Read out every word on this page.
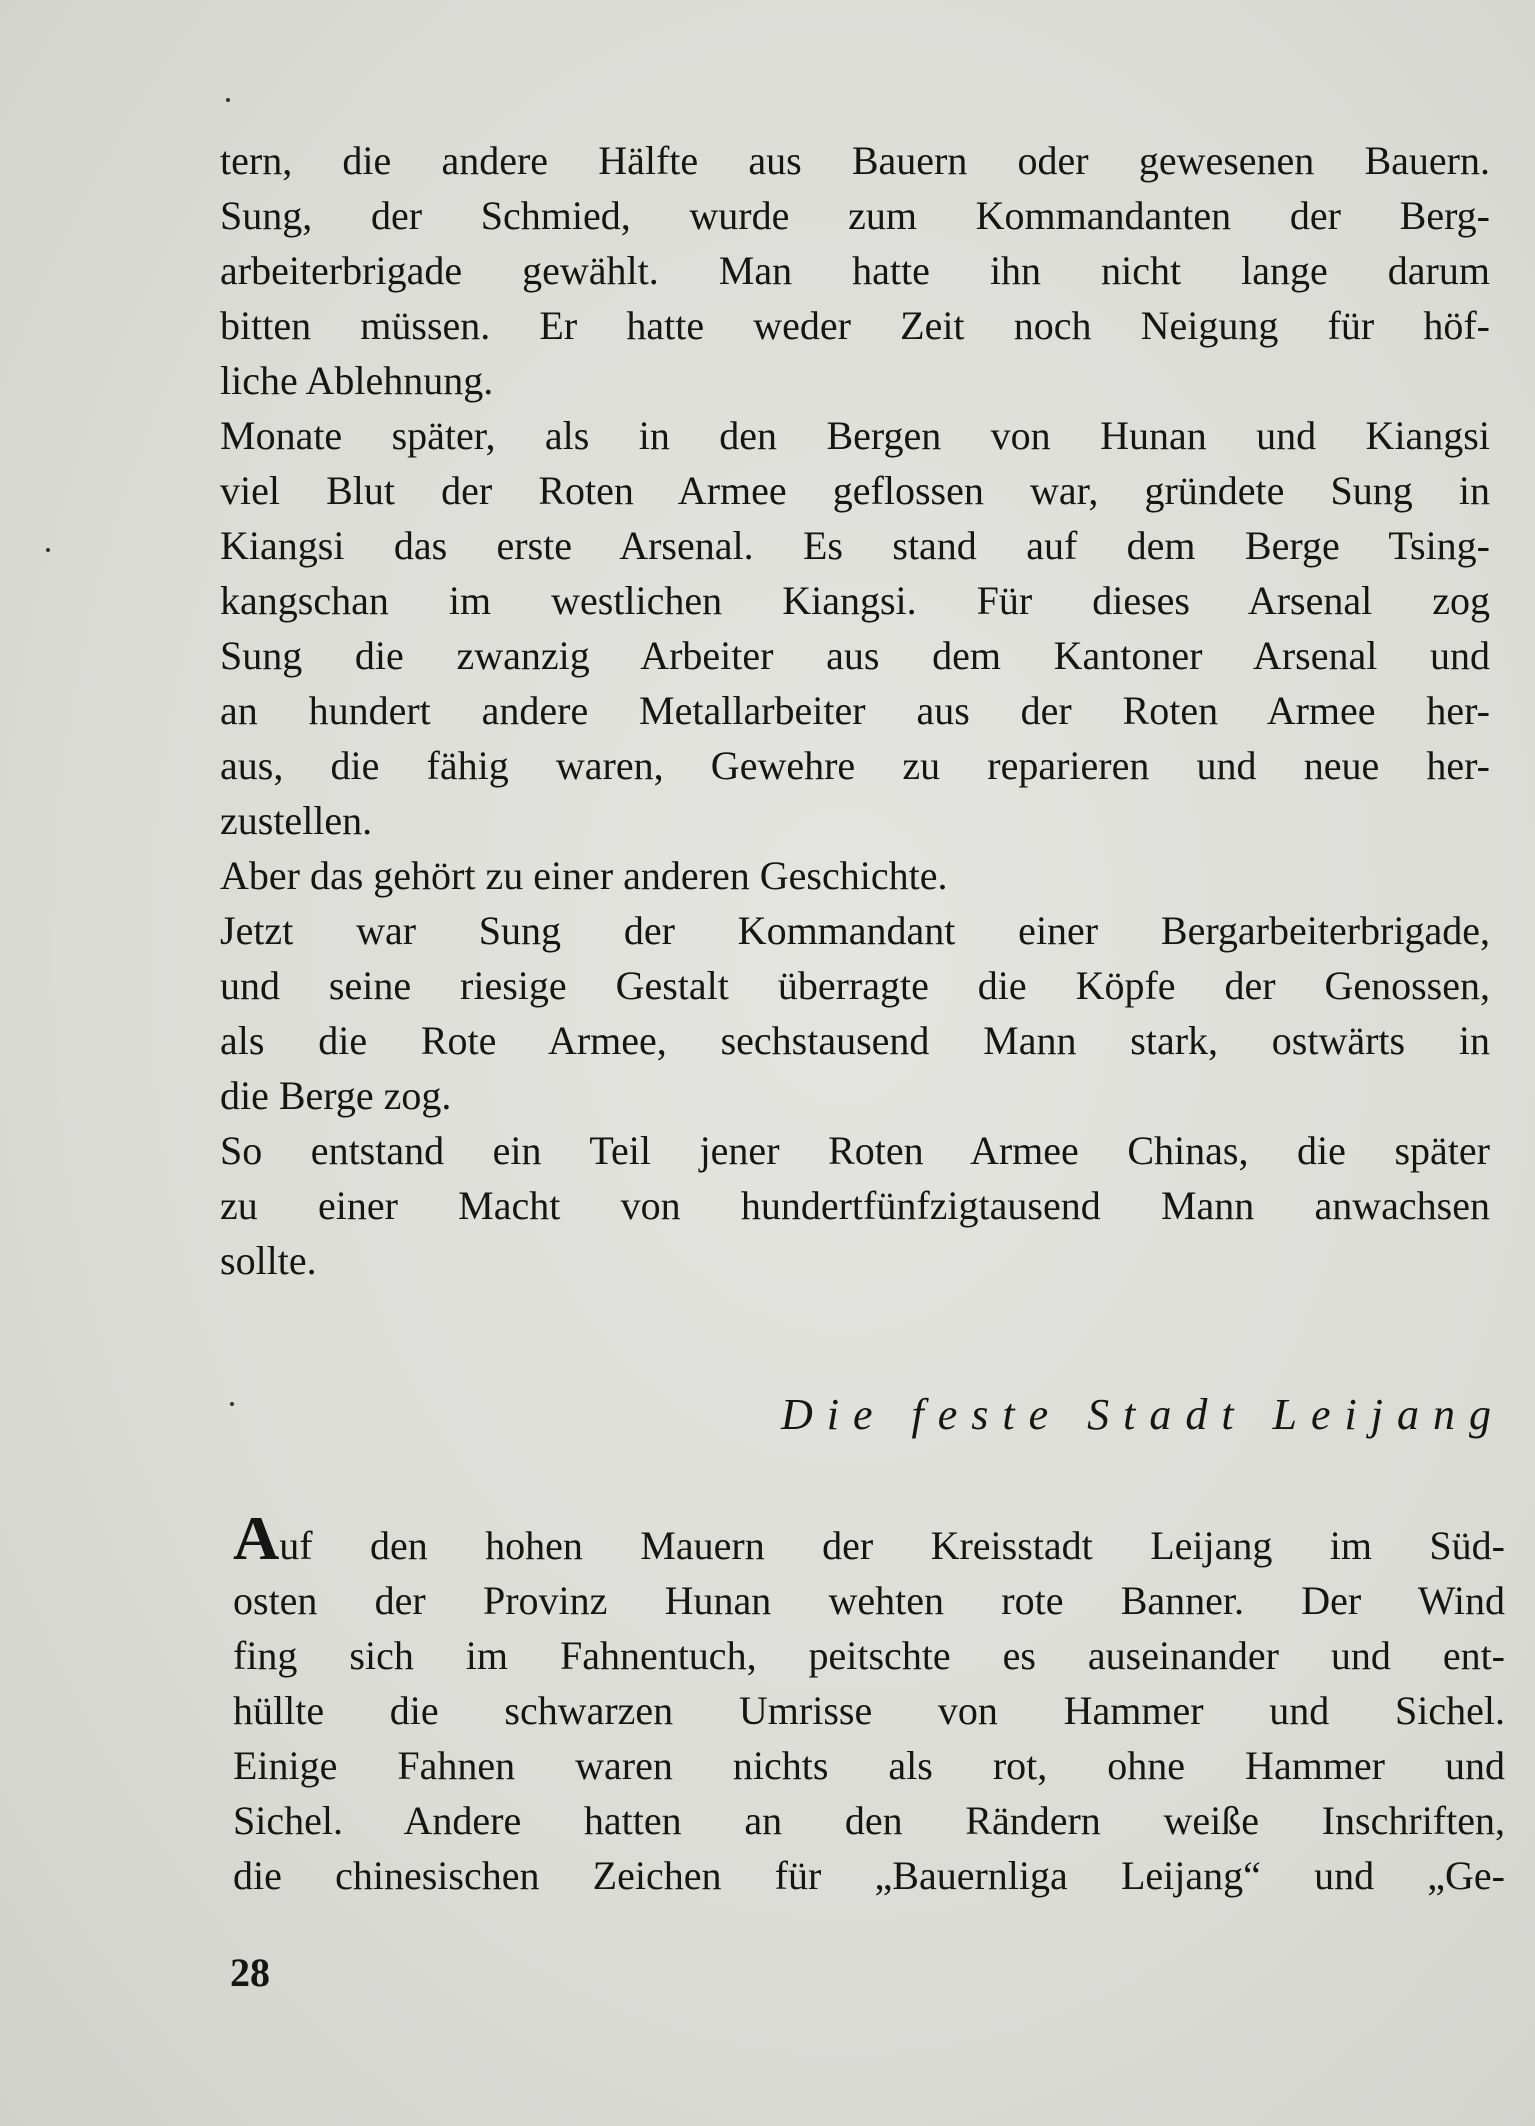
tern, die andere Hälfte aus Bauern oder gewesenen Bauern.
Sung, der Schmied, wurde zum Kommandanten der Berg-
arbeiterbrigade gewählt. Man hatte ihn nicht lange darum
bitten müssen. Er hatte weder Zeit noch Neigung für höf-
liche Ablehnung.
Monate später, als in den Bergen von Hunan und Kiangsi
viel Blut der Roten Armee geflossen war, gründete Sung in
Kiangsi das erste Arsenal. Es stand auf dem Berge Tsing-
kangschan im westlichen Kiangsi. Für dieses Arsenal zog
Sung die zwanzig Arbeiter aus dem Kantoner Arsenal und
an hundert andere Metallarbeiter aus der Roten Armee her-
aus, die fähig waren, Gewehre zu reparieren und neue her-
zustellen.
Aber das gehört zu einer anderen Geschichte.
Jetzt war Sung der Kommandant einer Bergarbeiterbrigade,
und seine riesige Gestalt überragte die Köpfe der Genossen,
als die Rote Armee, sechstausend Mann stark, ostwärts in
die Berge zog.
So entstand ein Teil jener Roten Armee Chinas, die später
zu einer Macht von hundertfünfzigtausend Mann anwachsen
sollte.
Die feste Stadt Leijang
Auf den hohen Mauern der Kreisstadt Leijang im Süd-
osten der Provinz Hunan wehten rote Banner. Der Wind
fing sich im Fahnentuch, peitschte es auseinander und ent-
hüllte die schwarzen Umrisse von Hammer und Sichel.
Einige Fahnen waren nichts als rot, ohne Hammer und
Sichel. Andere hatten an den Rändern weiße Inschriften,
die chinesischen Zeichen für „Bauernliga Leijang“ und „Ge-
28
